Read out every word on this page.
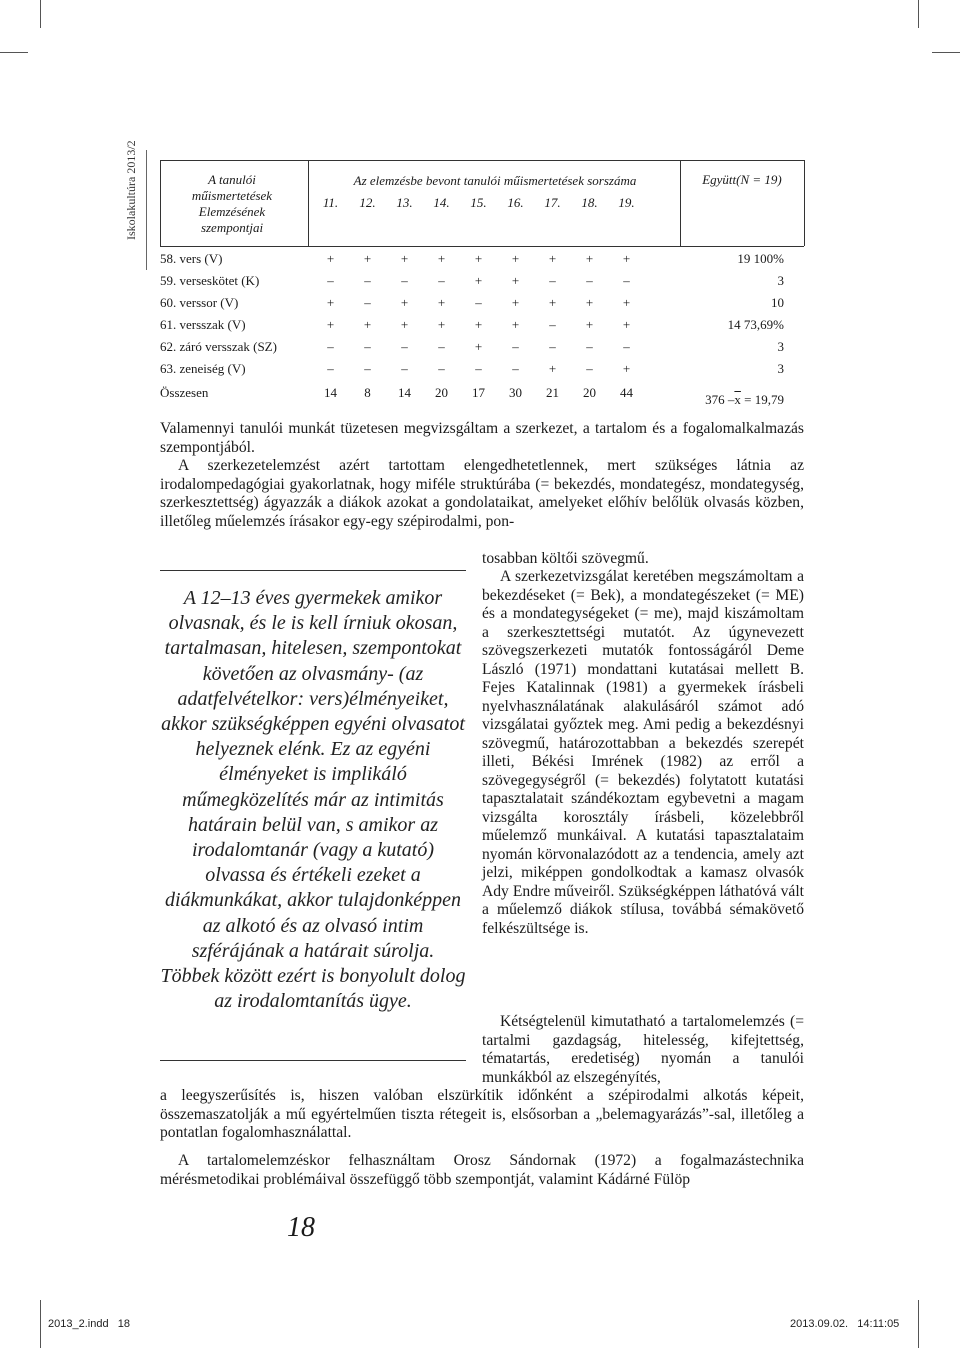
Iskolakultúra 2013/2	A tanulói
műismertetések
Elemzésének
szempontjai
Az elemzésbe bevont tanulói műismertetések sorszáma	Együtt(N = 19)
11.	12.	13.	14.	15.	16.	17.	18.	19.
58. vers (V)	+	+	+	+	+	+	+	+	+	19 100%
59. verseskötet (K)	–	–	–	–	+	+	–	–	–	3
60. verssor (V)	+	–	+	+	–	+	+	+	+	10
61. versszak (V)	+	+	+	+	+	+	–	+	+	14 73,69%
62. záró versszak (SZ)	–	–	–	–	+	–	–	–	–	3
63. zeneiség (V)	–	–	–	–	–	–	+	–	+	3
Összesen	14	8	14	20	17	30	21	20	44	376 $-\overline{x} = 19,79$

Valamennyi tanulói munkát tüzetesen megvizsgáltam a szerkezet, a tartalom és a fogalomalkalmazás szempontjából.

A szerkezetelemzést azért tartottam elengedhetetlennek, mert szükséges látnia az irodalompedagógiai gyakorlatnak, hogy miféle struktúrába (= bekezdés, mondategész, mondategység, szerkesztettség) ágyazzák a diákok azokat a gondolataikat, amelyeket előhív belőlük olvasás közben, illetőleg műelemzés írásakor egy-egy szépirodalmi, pon-

tosabban költői szövegmű.

A szerkezetvizsgálat keretében megszámoltam a bekezdéseket (= Bek), a mondategészeket (= ME) és a mondategységeket (= me), majd kiszámoltam a szerkesztettségi mutatót. Az úgynevezett szövegszerkezeti mutatók fontosságáról Deme László (1971) mondattani kutatásai mellett B. Fejes Katalinnak (1981) a gyermekek írásbeli nyelvhasználatának alakulásáról számot adó vizsgálatai győztek meg. Ami pedig a bekezdésnyi szövegmű, határozottabban a bekezdés szerepét illeti, Békési Imrének (1982) az erről a szövegegységről (= bekezdés) folytatott kutatási tapasztalatait szándékoztam egybevetni a magam vizsgálta korosztály írásbeli, közelebbről műelemző munkáival. A kutatási tapasztalataim nyomán körvonalazódott az a tendencia, amely azt jelzi, miképpen gondolkodtak a kamasz olvasók Ady Endre műveiről. Szükségképpen láthatóvá vált a műelemző diákok stílusa, továbbá sémakövető felkészültsége is.

Kétségtelenül kimutatható a tartalomelemzés (= tartalmi gazdagság, hitelesség, kifejtettség, tématartás, eredetiség) nyomán a tanulói munkákból az elszegényítés,

a leegyszerűsítés is, hiszen valóban elszürkítik időnként a szépirodalmi alkotás képeit, összemaszatolják a mű egyértelműen tiszta rétegeit is, elsősorban a „belemagyarázás”-sal, illetőleg a pontatlan fogalomhasználattal.

A tartalomelemzéskor felhasználtam Orosz Sándornak (1972) a fogalmazástechnika mérésmetodikai problémáival összefüggő több szempontját, valamint Kádárné Fülöp

A 12–13 éves gyermekek amikor olvasnak, és le is kell írniuk okosan, tartalmasan, hitelesen, szempontokat követően az olvasmány- (az adatfelvételkor: vers)élményeiket, akkor szükségképpen egyéni olvasatot helyeznek elénk. Ez az egyéni élményeket is implikáló műmegközelítés már az intimitás határain belül van, s amikor az irodalomtanár (vagy a kutató) olvassa és értékeli ezeket a diákmunkákat, akkor tulajdonképpen az alkotó és az olvasó intim szférájának a határait súrolja. Többek között ezért is bonyolult dolog az irodalomtanítás ügye.
18
2013_2.indd 18	2013.09.02. 14:11:05
